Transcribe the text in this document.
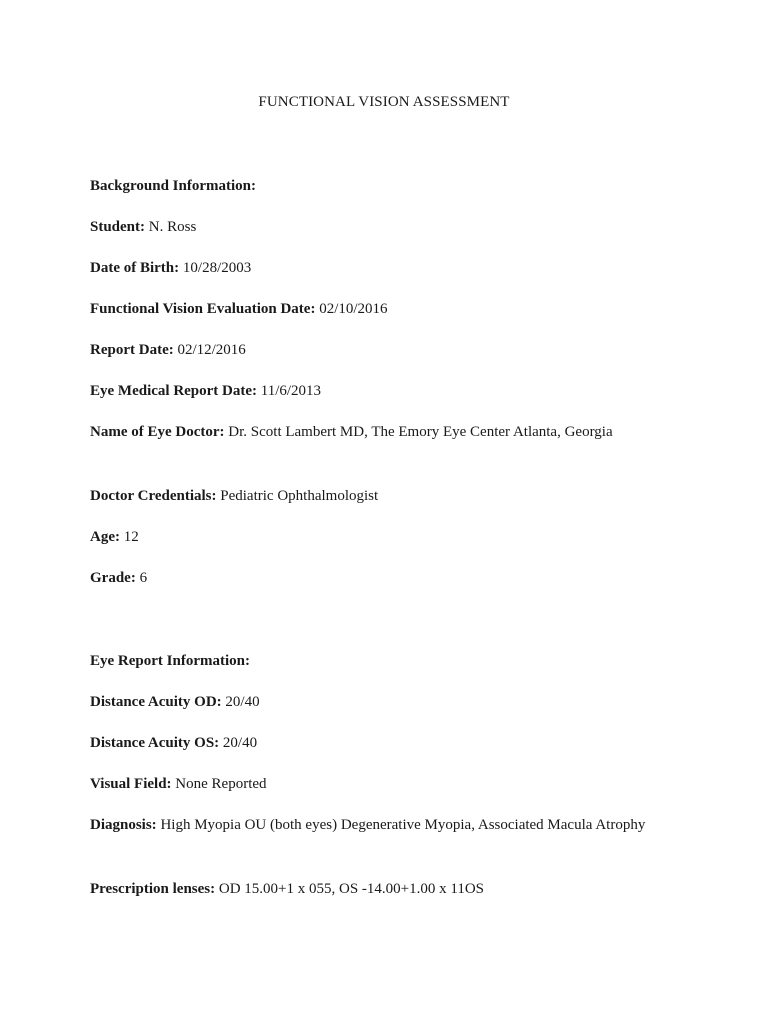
FUNCTIONAL VISION ASSESSMENT
Background Information:
Student: N. Ross
Date of Birth: 10/28/2003
Functional Vision Evaluation Date: 02/10/2016
Report Date: 02/12/2016
Eye Medical Report Date: 11/6/2013
Name of Eye Doctor: Dr. Scott Lambert MD, The Emory Eye Center Atlanta, Georgia
Doctor Credentials: Pediatric Ophthalmologist
Age: 12
Grade: 6
Eye Report Information:
Distance Acuity OD: 20/40
Distance Acuity OS: 20/40
Visual Field: None Reported
Diagnosis: High Myopia OU (both eyes) Degenerative Myopia, Associated Macula Atrophy
Prescription lenses: OD 15.00+1 x 055, OS -14.00+1.00 x 11OS
